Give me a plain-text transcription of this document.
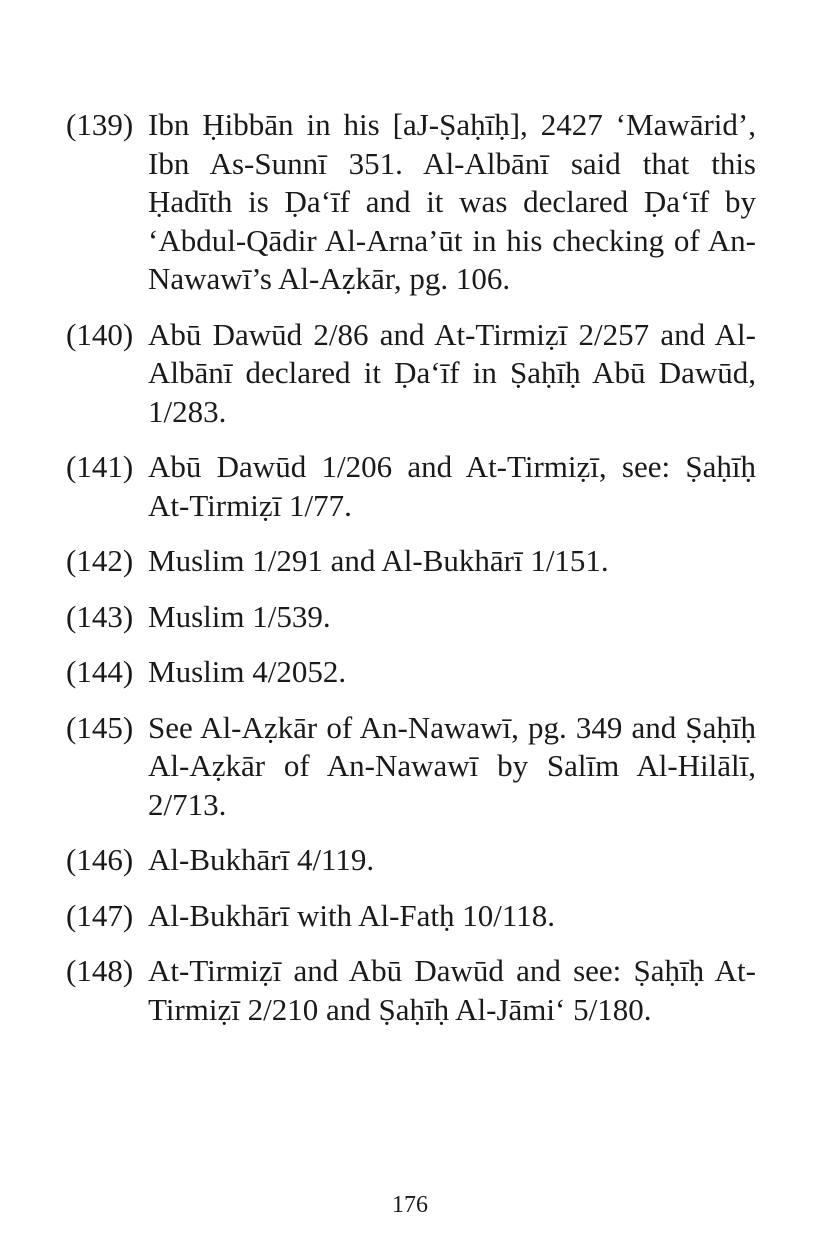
(139) Ibn Ḥibbān in his [aJ-Ṣaḥīḥ], 2427 ‘Mawārid’, Ibn As-Sunnī 351. Al-Albānī said that this Ḥadīth is Ḍa‘īf and it was declared Ḍa‘īf by ‘Abdul-Qādir Al-Arna’ūt in his checking of An-Nawawī’s Al-Aẓkār, pg. 106.
(140) Abū Dawūd 2/86 and At-Tirmiẓī 2/257 and Al-Albānī declared it Ḍa‘īf in Ṣaḥīḥ Abū Dawūd, 1/283.
(141) Abū Dawūd 1/206 and At-Tirmiẓī, see: Ṣaḥīḥ At-Tirmiẓī 1/77.
(142) Muslim 1/291 and Al-Bukhārī 1/151.
(143) Muslim 1/539.
(144) Muslim 4/2052.
(145) See Al-Aẓkār of An-Nawawī, pg. 349 and Ṣaḥīḥ Al-Aẓkār of An-Nawawī by Salīm Al-Hilālī, 2/713.
(146) Al-Bukhārī 4/119.
(147) Al-Bukhārī with Al-Fatḥ 10/118.
(148) At-Tirmiẓī and Abū Dawūd and see: Ṣaḥīḥ At-Tirmiẓī 2/210 and Ṣaḥīḥ Al-Jāmi‘ 5/180.
176
